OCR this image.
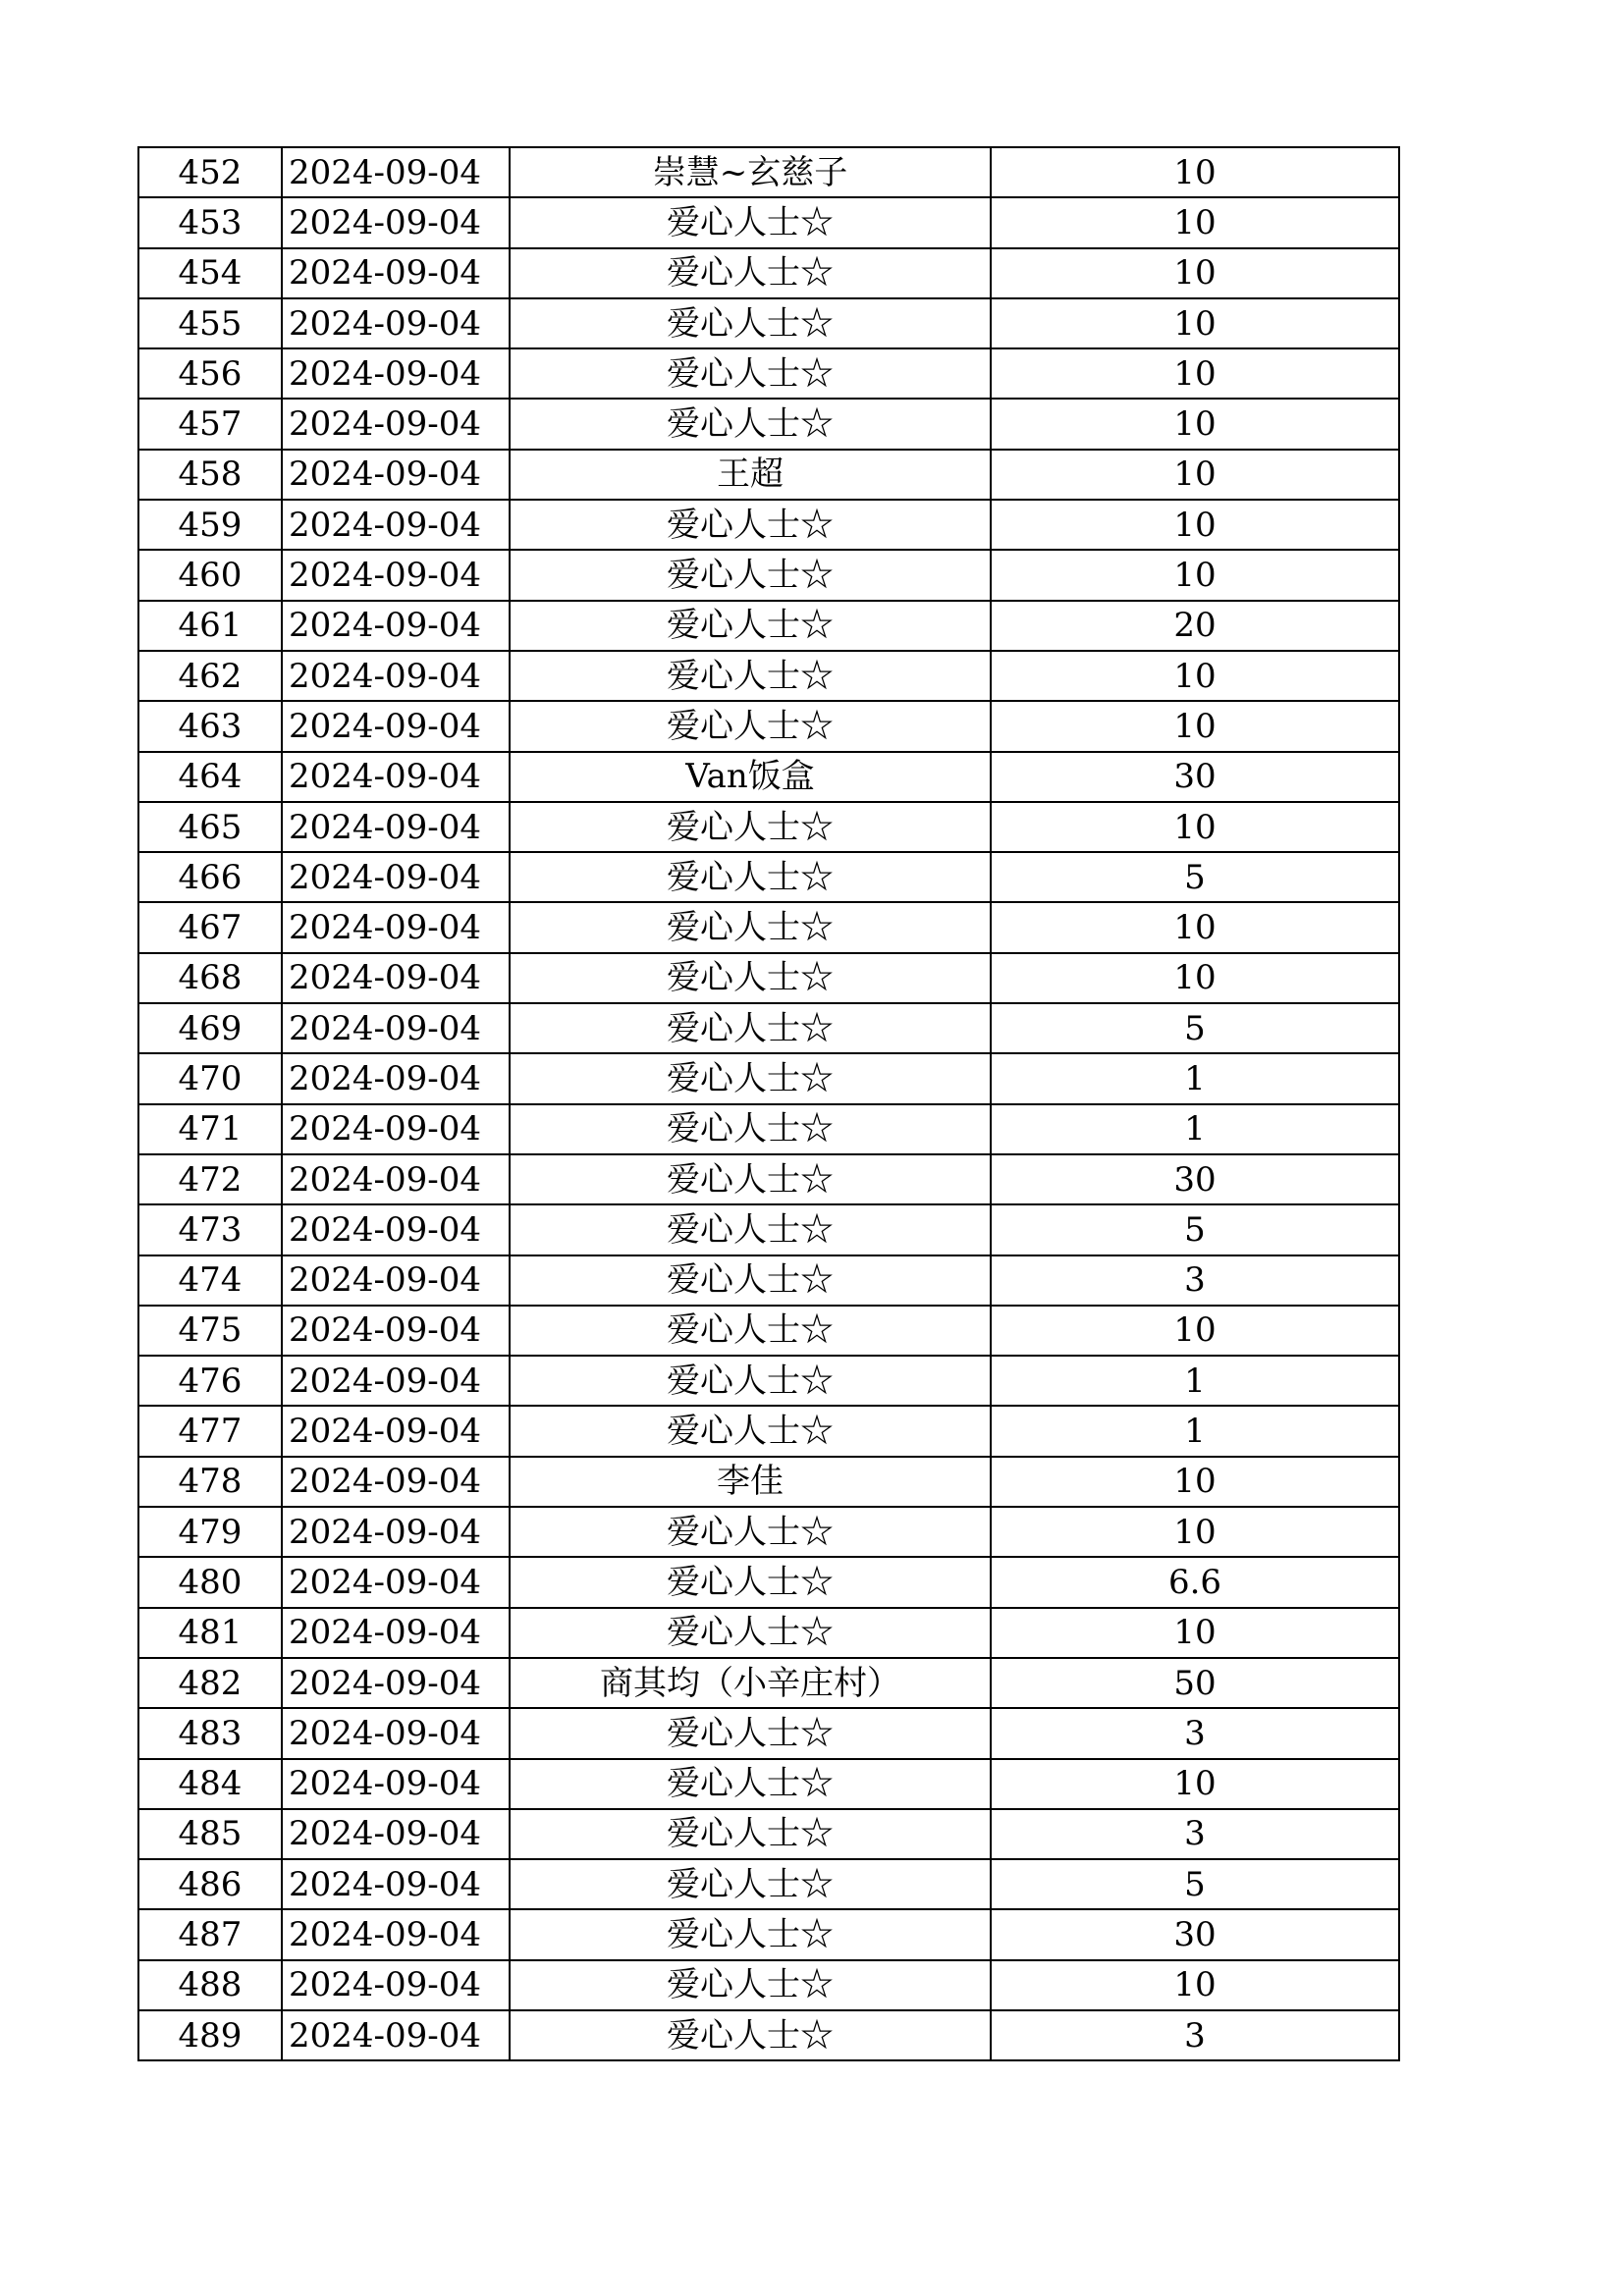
452	2024-09-04	崇慧~玄慈子	10
453	2024-09-04	爱心人士☆	10
454	2024-09-04	爱心人士☆	10
455	2024-09-04	爱心人士☆	10
456	2024-09-04	爱心人士☆	10
457	2024-09-04	爱心人士☆	10
458	2024-09-04	王超	10
459	2024-09-04	爱心人士☆	10
460	2024-09-04	爱心人士☆	10
461	2024-09-04	爱心人士☆	20
462	2024-09-04	爱心人士☆	10
463	2024-09-04	爱心人士☆	10
464	2024-09-04	Van饭盒	30
465	2024-09-04	爱心人士☆	10
466	2024-09-04	爱心人士☆	5
467	2024-09-04	爱心人士☆	10
468	2024-09-04	爱心人士☆	10
469	2024-09-04	爱心人士☆	5
470	2024-09-04	爱心人士☆	1
471	2024-09-04	爱心人士☆	1
472	2024-09-04	爱心人士☆	30
473	2024-09-04	爱心人士☆	5
474	2024-09-04	爱心人士☆	3
475	2024-09-04	爱心人士☆	10
476	2024-09-04	爱心人士☆	1
477	2024-09-04	爱心人士☆	1
478	2024-09-04	李佳	10
479	2024-09-04	爱心人士☆	10
480	2024-09-04	爱心人士☆	6.6
481	2024-09-04	爱心人士☆	10
482	2024-09-04	商其均（小辛庄村）	50
483	2024-09-04	爱心人士☆	3
484	2024-09-04	爱心人士☆	10
485	2024-09-04	爱心人士☆	3
486	2024-09-04	爱心人士☆	5
487	2024-09-04	爱心人士☆	30
488	2024-09-04	爱心人士☆	10
489	2024-09-04	爱心人士☆	3
